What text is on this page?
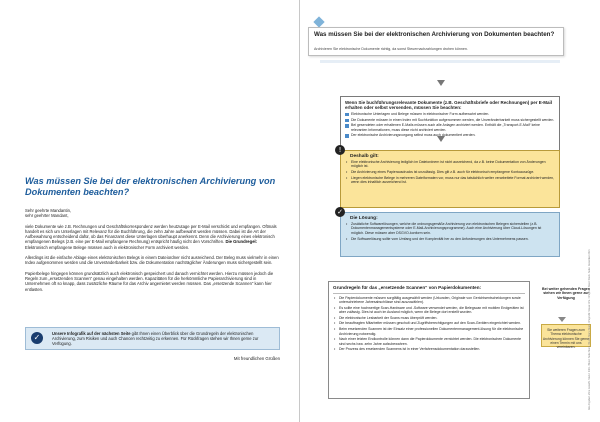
Was müssen Sie bei der elektronischen Archivierung von Dokumenten beachten?

Sehr geehrte Mandantin,

sehr geehrter Mandant,

viele Dokumente wie z.B. Rechnungen und Geschäftskorrespondenz werden heutzutage per E-Mail verschickt und empfangen. Oftmals handelt es sich um Unterlagen mit Relevanz für die Buchführung, die zehn Jahre aufbewahrt werden müssen. Dabei ist die Art der Aufbewahrung entscheidend dafür, ob das Finanzamt diese Unterlagen überhaupt anerkennt. Denn die Archivierung eines elektronisch empfangenen Belegs (z.B. eine per E-Mail empfangene Rechnung) entspricht häufig nicht den Vorschriften. Die Grundregel: Elektronisch empfangene Belege müssen auch in elektronischer Form archiviert werden.

Allerdings ist die einfache Ablage eines elektronischen Belegs in einem Dateiordner nicht ausreichend. Der Beleg muss vielmehr in einen Index aufgenommen werden und die Unveränderbarkeit bzw. die Dokumentation nachträglicher Änderungen muss sichergestellt sein.

Papierbelege hingegen können grundsätzlich auch elektronisch gespeichert und danach vernichtet werden. Hierzu müssen jedoch die Regeln zum „ersetzenden Scannen“ genau eingehalten werden. Kapazitäten für die herkömmliche Papierarchivierung sind in Unternehmen oft so knapp, dass zusätzliche Räume für das Archiv angemietet werden müssen. Das „ersetzende Scannen“ kann hier entlasten.

✓	Unsere Infografik auf der nächsten Seite gibt Ihnen einen Überblick über die Grundregeln der elektronischen Archivierung, zum Risiken und auch Chancen rechtzeitig zu erkennen. Für Rückfragen stehen wir Ihnen gerne zur Verfügung.
Mit freundlichen Grüßen
Was müssen Sie bei der elektronischen Archivierung von Dokumenten beachten?
Archivieren Sie elektronische Dokumente richtig, da sonst Steuernachzahlungen drohen können.
Wenn Sie buchführungsrelevante Dokumente (z.B. Geschäftsbriefe oder Rechnungen) per E-Mail erhalten oder selbst versenden, müssen Sie beachten:
Elektronische Unterlagen und Belege müssen in elektronischer Form aufbewahrt werden.
Die Dokumente müssen in einen Index mit Suchfunktion aufgenommen werden, die Unveränderbarkeit muss sichergestellt werden.
Bei gesendeten oder erhaltenen E-Mails müssen auch alle Anlagen archiviert werden. Enthält die „Transport-E-Mail“ keine relevanten Informationen, muss diese nicht archiviert werden.
Der elektronische Archivierungsvorgang selbst muss auch dokumentiert werden.
Deshalb gilt:
• Eine elektronische Archivierung lediglich im Dateiordnern ist nicht ausreichend, da z.B. keine Dokumentation von Änderungen möglich ist.
• Die Archivierung eines Papierausdrucks ist unzulässig. Dies gilt z.B. auch für elektronisch empfangene Kontoauszüge.
• Liegen elektronische Belege in mehreren Dateiformaten vor, muss nur das tatsächlich weiter verarbeitete Format archiviert werden, wenn dies inhaltlich ausreichend ist.
!
Die Lösung:
• Zusätzliche Softwarelösungen, welche die ordnungsgemäße Archivierung von elektronischen Belegen sicherstellen (z.B. Dokumentenmanagementsysteme oder E-Mail-Archivierungsprogramme). Auch eine Archivierung über Cloud-Lösungen ist möglich. Diese müssen aber DSGVO-konform sein.
• Die Softwarelösung sollte vom Umfang und der Komplexität her zu den Anforderungen des Unternehmens passen.
✓
Grundregeln für das „ersetzende Scannen“ von Papierdokumenten:
• Die Papierdokumente müssen sorgfältig ausgewählt werden (Urkunden, Originale von Gerichtsentscheidungen sowie unterschriebene Jahresabschlüsse sind auszuwählen).
• Es sollte eine hochwertige Scan-Hardware und -Software verwendet werden, die Belegscan mit mobilen Endgeräten ist aber zulässig. Dies ist auch im Ausland möglich, wenn die Belege dort erstellt wurden.
• Die elektronische Lesbarkeit der Scans muss überprüft werden.
• Die beauftragten Mitarbeiter müssen geschult und Zugriffsberechtigungen auf den Scan-Geräten eingerichtet werden.
• Beim ersetzenden Scannen ist der Einsatz einer professionellen Dokumentenmanagement-lösung für die elektronische Archivierung notwendig.
• Nach einer letzten Endkontrolle können dann die Papierdokumente vernichtet werden. Die elektronischen Dokumente sind sechs bzw. zehn Jahre aufzubewahren.
• Der Prozess des ersetzenden Scannens ist in einer Verfahrensdokumentation darzustellen.
Bei weiter gehenden Fragen stehen wir Ihnen gerne zur Verfügung
Sie weiteren Fragen zum Thema elektronische Archivierung können Sie gerne einen Termin mit uns vereinbaren.	Alle Angaben ohne Gewähr. Stand: 2021. Bilder: Seite Stock. Wurde Stand Stock. Infografik: Steuer-Info / Infografik Stand Stock. Seite: Dezember 2021
